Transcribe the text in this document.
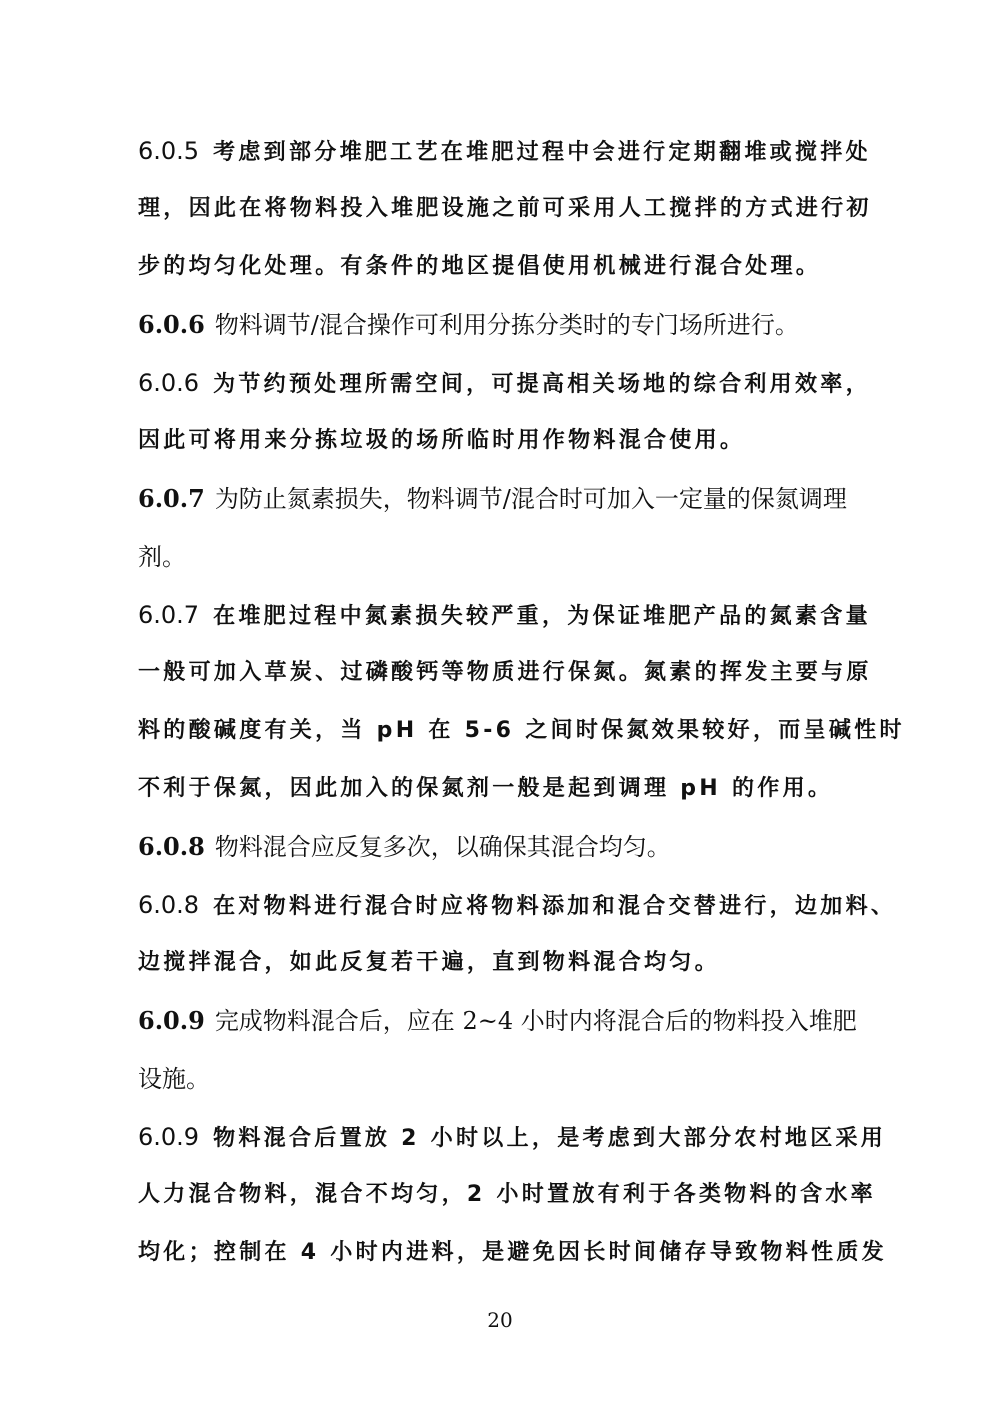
6.0.5 考虑到部分堆肥工艺在堆肥过程中会进行定期翻堆或搅拌处
理，因此在将物料投入堆肥设施之前可采用人工搅拌的方式进行初
步的均匀化处理。有条件的地区提倡使用机械进行混合处理。
6.0.6 物料调节/混合操作可利用分拣分类时的专门场所进行。
6.0.6 为节约预处理所需空间，可提高相关场地的综合利用效率，
因此可将用来分拣垃圾的场所临时用作物料混合使用。
6.0.7 为防止氮素损失，物料调节/混合时可加入一定量的保氮调理
剂。
6.0.7 在堆肥过程中氮素损失较严重，为保证堆肥产品的氮素含量
一般可加入草炭、过磷酸钙等物质进行保氮。氮素的挥发主要与原
料的酸碱度有关，当 pH 在 5-6 之间时保氮效果较好，而呈碱性时
不利于保氮，因此加入的保氮剂一般是起到调理 pH 的作用。
6.0.8 物料混合应反复多次，以确保其混合均匀。
6.0.8 在对物料进行混合时应将物料添加和混合交替进行，边加料、
边搅拌混合，如此反复若干遍，直到物料混合均匀。
6.0.9 完成物料混合后，应在 2~4 小时内将混合后的物料投入堆肥
设施。
6.0.9 物料混合后置放 2 小时以上，是考虑到大部分农村地区采用
人力混合物料，混合不均匀，2 小时置放有利于各类物料的含水率
均化；控制在 4 小时内进料，是避免因长时间储存导致物料性质发
20
